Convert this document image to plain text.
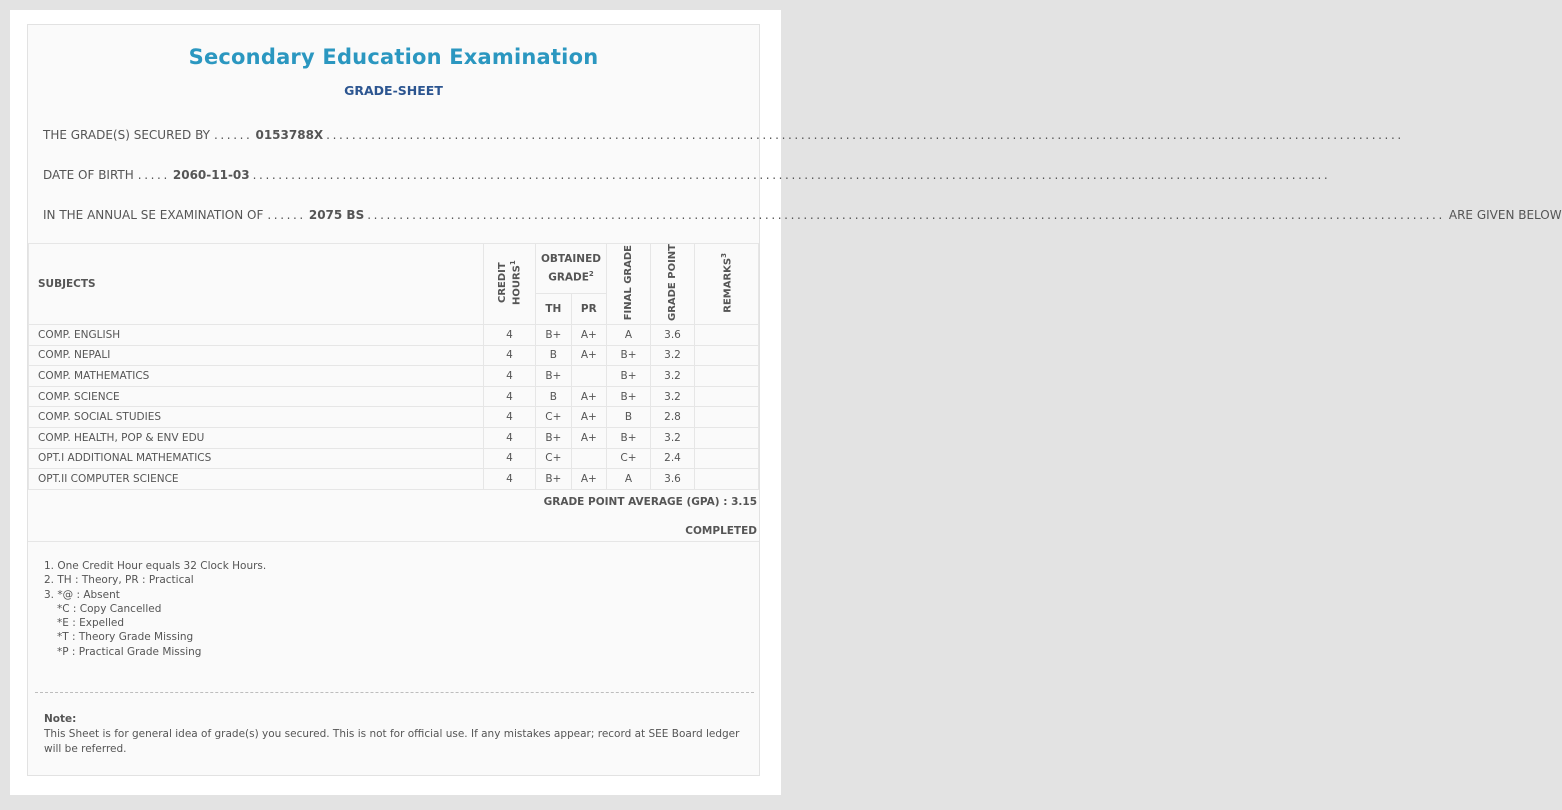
Secondary Education Examination
GRADE-SHEET
THE GRADE(S) SECURED BY ...... 0153788X ........................................................................................................................................................................
DATE OF BIRTH ..... 2060-11-03 ........................................................................................................................................................................
IN THE ANNUAL SE EXAMINATION OF ...... 2075 BS ........................................................................................................................................................................ ARE GIVEN BELOW
SUBJECTS	CREDIT HOURS$^1$	OBTAINED GRADE$^2$		FINAL GRADE	GRADE POINT	REMARKS$^3$
		TH	PR			
COMP. ENGLISH	4	B+	A+	A	3.6	
COMP. NEPALI	4	B	A+	B+	3.2	
COMP. MATHEMATICS	4	B+		B+	3.2	
COMP. SCIENCE	4	B	A+	B+	3.2	
COMP. SOCIAL STUDIES	4	C+	A+	B	2.8	
COMP. HEALTH, POP & ENV EDU	4	B+	A+	B+	3.2	
OPT.I ADDITIONAL MATHEMATICS	4	C+		C+	2.4	
OPT.II COMPUTER SCIENCE	4	B+	A+	A	3.6	
GRADE POINT AVERAGE (GPA) : 3.15
COMPLETED
1. One Credit Hour equals 32 Clock Hours.
2. TH : Theory, PR : Practical
3. *@ : Absent
*C : Copy Cancelled
*E : Expelled
*T : Theory Grade Missing
*P : Practical Grade Missing
Note:
This Sheet is for general idea of grade(s) you secured. This is not for official use. If any mistakes appear; record at SEE Board ledger will be referred.
